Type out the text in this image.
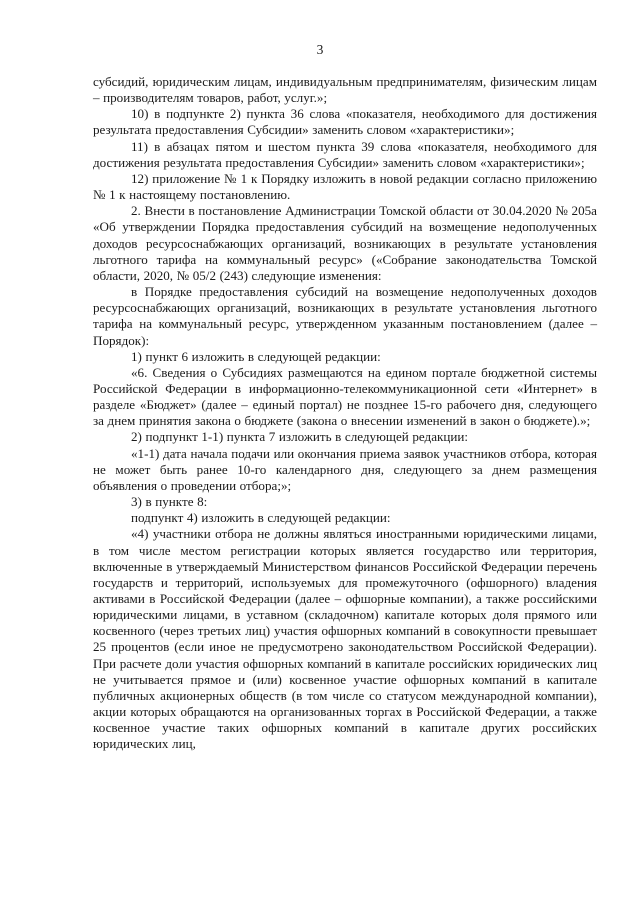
3

субсидий, юридическим лицам, индивидуальным предпринимателям, физическим лицам – производителям товаров, работ, услуг.»;

10) в подпункте 2) пункта 36 слова «показателя, необходимого для достижения результата предоставления Субсидии» заменить словом «характеристики»;

11) в абзацах пятом и шестом пункта 39 слова «показателя, необходимого для достижения результата предоставления Субсидии» заменить словом «характеристики»;

12) приложение № 1 к Порядку изложить в новой редакции согласно приложению № 1 к настоящему постановлению.

2. Внести в постановление Администрации Томской области от 30.04.2020 № 205а «Об утверждении Порядка предоставления субсидий на возмещение недополученных доходов ресурсоснабжающих организаций, возникающих в результате установления льготного тарифа на коммунальный ресурс» («Собрание законодательства Томской области, 2020, № 05/2 (243) следующие изменения:

в Порядке предоставления субсидий на возмещение недополученных доходов ресурсоснабжающих организаций, возникающих в результате установления льготного тарифа на коммунальный ресурс, утвержденном указанным постановлением (далее – Порядок):

1) пункт 6 изложить в следующей редакции:

«6. Сведения о Субсидиях размещаются на едином портале бюджетной системы Российской Федерации в информационно-телекоммуникационной сети «Интернет» в разделе «Бюджет» (далее – единый портал) не позднее 15-го рабочего дня, следующего за днем принятия закона о бюджете (закона о внесении изменений в закон о бюджете).»;

2) подпункт 1-1) пункта 7 изложить в следующей редакции:

«1-1) дата начала подачи или окончания приема заявок участников отбора, которая не может быть ранее 10-го календарного дня, следующего за днем размещения объявления о проведении отбора;»;

3) в пункте 8:

подпункт 4) изложить в следующей редакции:

«4) участники отбора не должны являться иностранными юридическими лицами, в том числе местом регистрации которых является государство или территория, включенные в утверждаемый Министерством финансов Российской Федерации перечень государств и территорий, используемых для промежуточного (офшорного) владения активами в Российской Федерации (далее – офшорные компании), а также российскими юридическими лицами, в уставном (складочном) капитале которых доля прямого или косвенного (через третьих лиц) участия офшорных компаний в совокупности превышает 25 процентов (если иное не предусмотрено законодательством Российской Федерации). При расчете доли участия офшорных компаний в капитале российских юридических лиц не учитывается прямое и (или) косвенное участие офшорных компаний в капитале публичных акционерных обществ (в том числе со статусом международной компании), акции которых обращаются на организованных торгах в Российской Федерации, а также косвенное участие таких офшорных компаний в капитале других российских юридических лиц,
